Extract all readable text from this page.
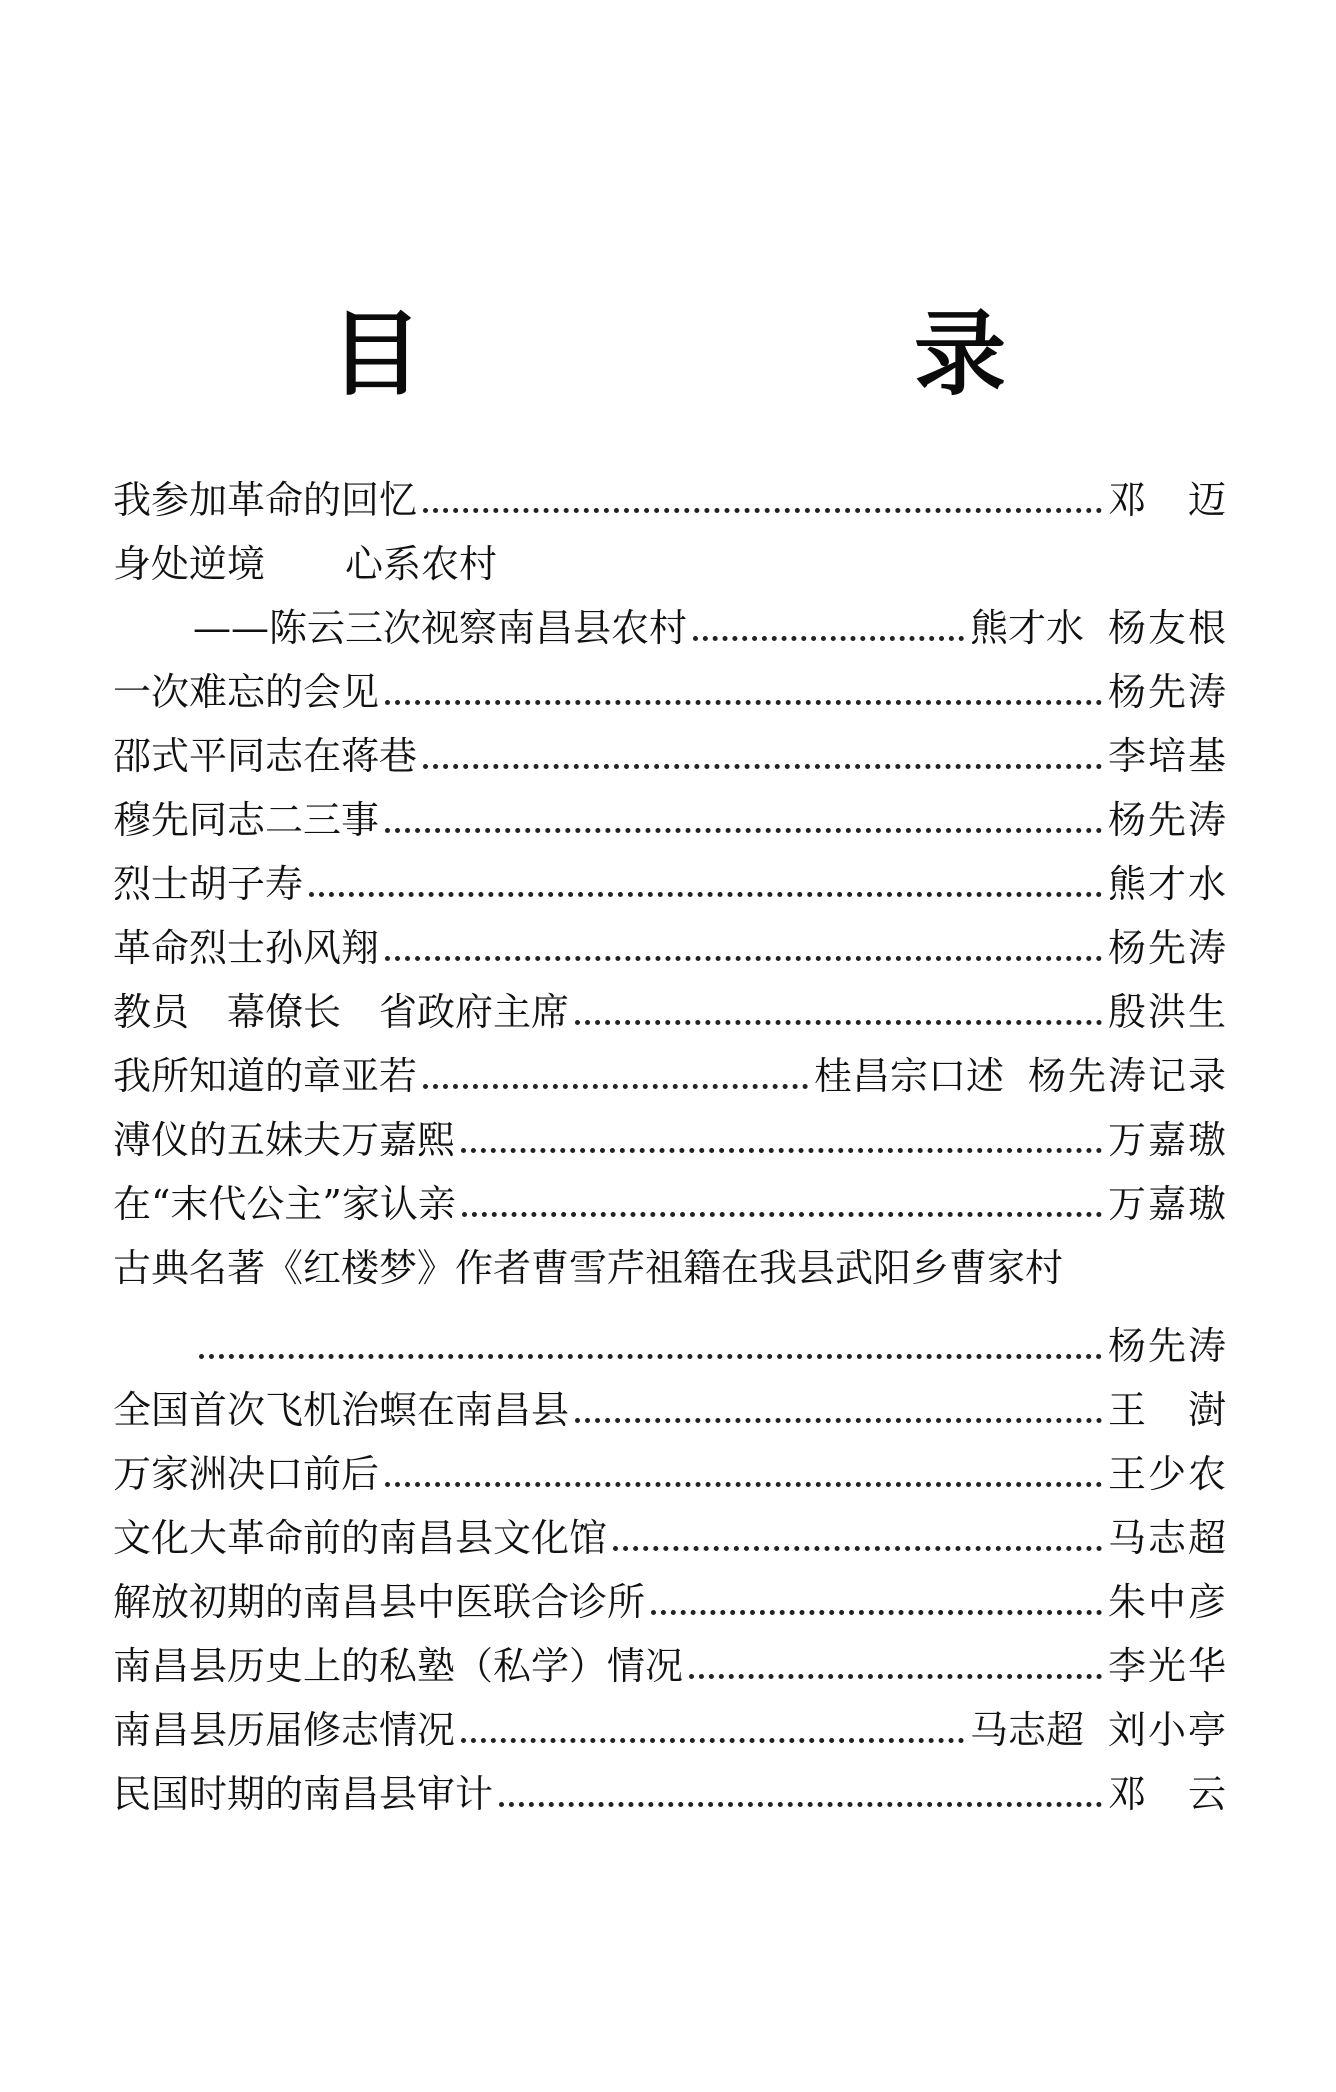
目　录
我参加革命的回忆	邓　迈
身处逆境 心系农村
——陈云三次视察南昌县农村	熊才水 杨友根
一次难忘的会见	杨先涛
邵式平同志在蒋巷	李培基
穆先同志二三事	杨先涛
烈士胡子寿	熊才水
革命烈士孙风翔	杨先涛
教员　幕僚长　省政府主席	殷洪生
我所知道的章亚若	桂昌宗口述 杨先涛记录
溥仪的五妹夫万嘉熙	万嘉璈
在“末代公主”家认亲	万嘉璈
古典名著《红楼梦》作者曹雪芹祖籍在我县武阳乡曹家村
杨先涛
全国首次飞机治螟在南昌县	王　澍
万家洲决口前后	王少农
文化大革命前的南昌县文化馆	马志超
解放初期的南昌县中医联合诊所	朱中彦
南昌县历史上的私塾（私学）情况	李光华
南昌县历届修志情况	马志超 刘小亭
民国时期的南昌县审计	邓　云
